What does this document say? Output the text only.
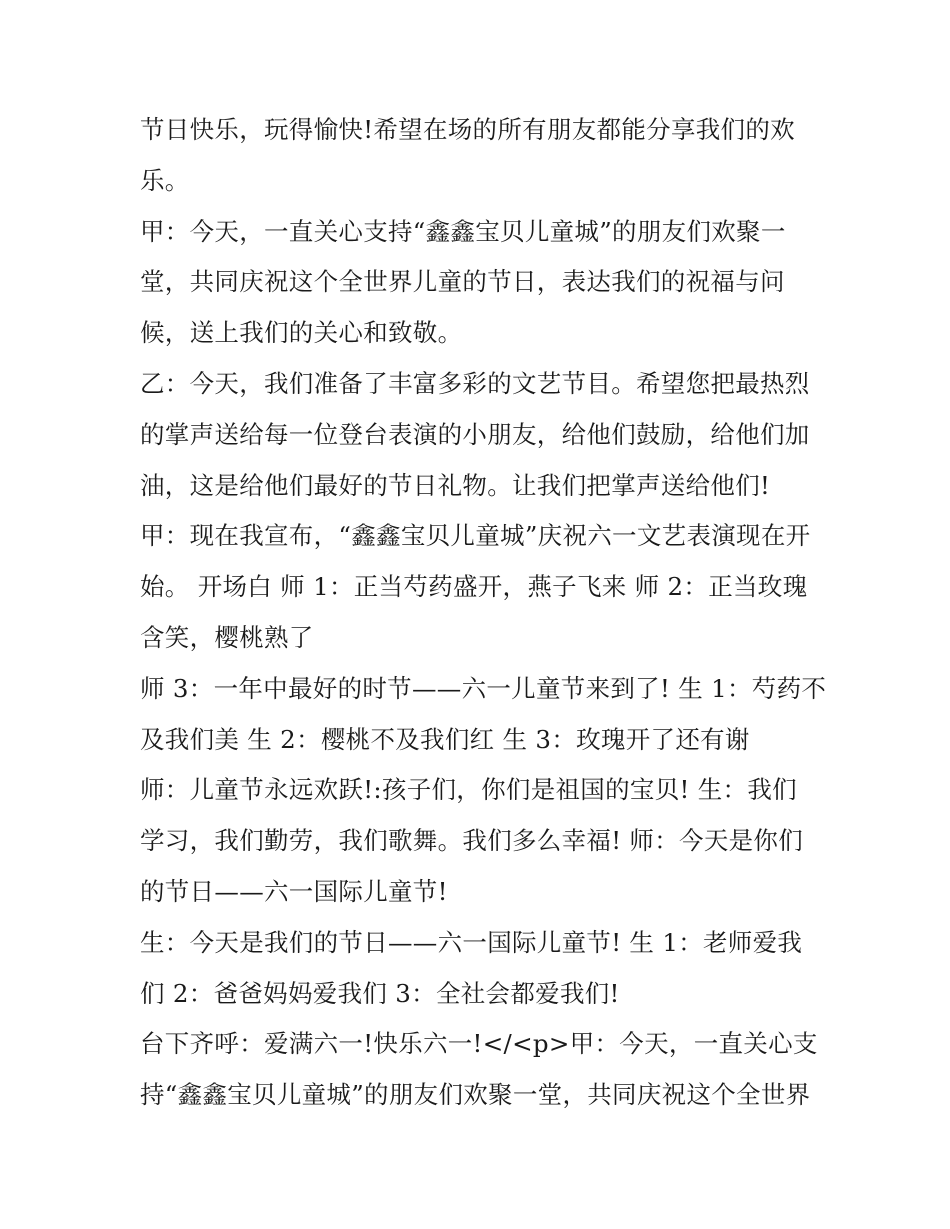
节日快乐，玩得愉快!希望在场的所有朋友都能分享我们的欢
乐。
甲：今天，一直关心支持“鑫鑫宝贝儿童城”的朋友们欢聚一
堂，共同庆祝这个全世界儿童的节日，表达我们的祝福与问
候，送上我们的关心和致敬。
乙：今天，我们准备了丰富多彩的文艺节目。希望您把最热烈
的掌声送给每一位登台表演的小朋友，给他们鼓励，给他们加
油，这是给他们最好的节日礼物。让我们把掌声送给他们!
甲：现在我宣布，“鑫鑫宝贝儿童城”庆祝六一文艺表演现在开
始。 开场白 师 1：正当芍药盛开，燕子飞来 师 2：正当玫瑰
含笑，樱桃熟了
师 3：一年中最好的时节——六一儿童节来到了! 生 1：芍药不
及我们美 生 2：樱桃不及我们红 生 3：玫瑰开了还有谢
师：儿童节永远欢跃!:孩子们，你们是祖国的宝贝! 生：我们
学习，我们勤劳，我们歌舞。我们多么幸福! 师：今天是你们
的节日——六一国际儿童节!
生：今天是我们的节日——六一国际儿童节! 生 1：老师爱我
们 2：爸爸妈妈爱我们 3：全社会都爱我们!
台下齐呼：爱满六一!快乐六一!</<p>甲：今天，一直关心支
持“鑫鑫宝贝儿童城”的朋友们欢聚一堂，共同庆祝这个全世界
